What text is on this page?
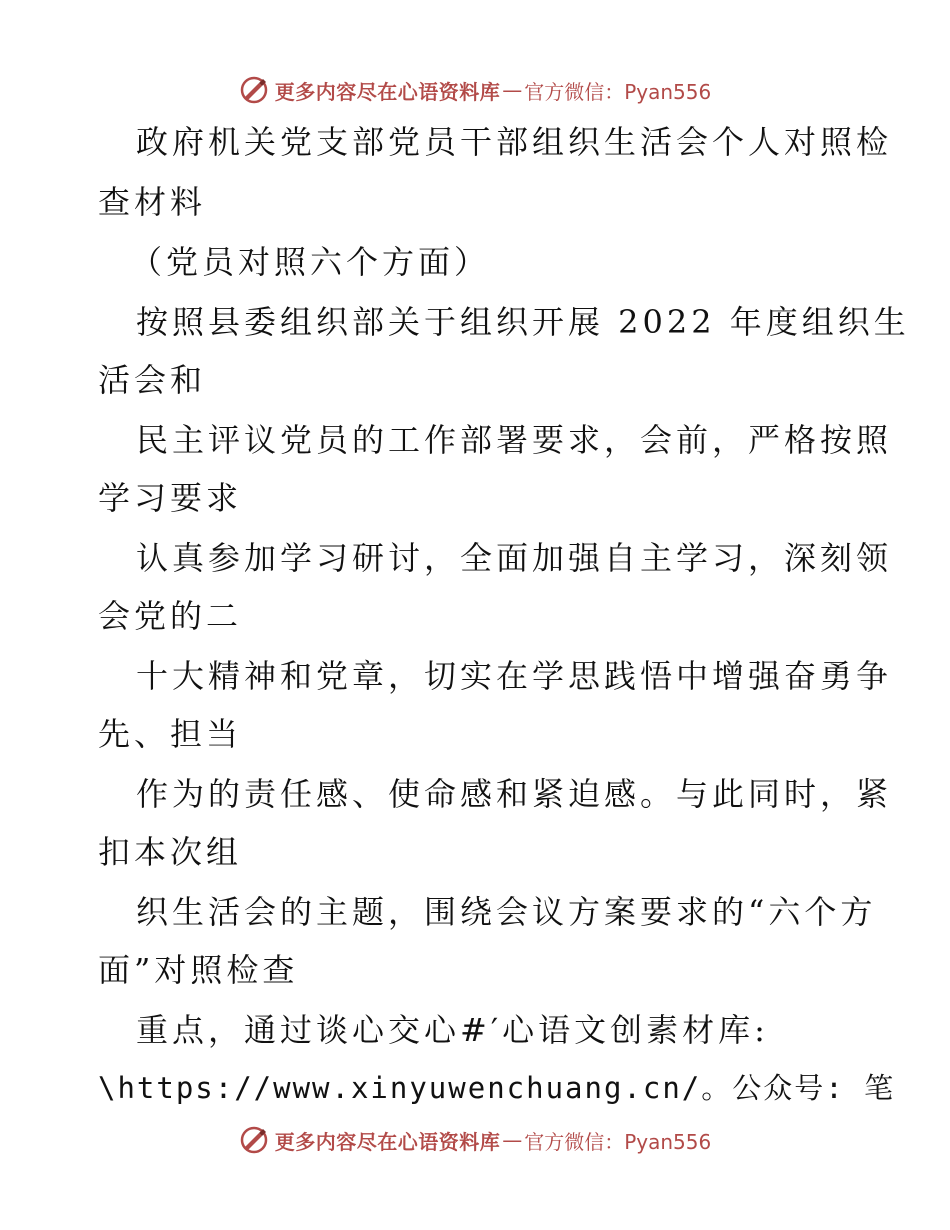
更多内容尽在心语资料库 — 官方微信：Pyan556
政府机关党支部党员干部组织生活会个人对照检
查材料
（党员对照六个方面）
按照县委组织部关于组织开展 2022 年度组织生
活会和
民主评议党员的工作部署要求，会前，严格按照
学习要求
认真参加学习研讨，全面加强自主学习，深刻领
会党的二
十大精神和党章，切实在学思践悟中增强奋勇争
先、担当
作为的责任感、使命感和紧迫感。与此同时，紧
扣本次组
织生活会的主题，围绕会议方案要求的“六个方
面”对照检查
重点，通过谈心交心#′心语文创素材库:
\https://www.xinyuwenchuang.cn/。公众号: 笔
更多内容尽在心语资料库 — 官方微信：Pyan556
